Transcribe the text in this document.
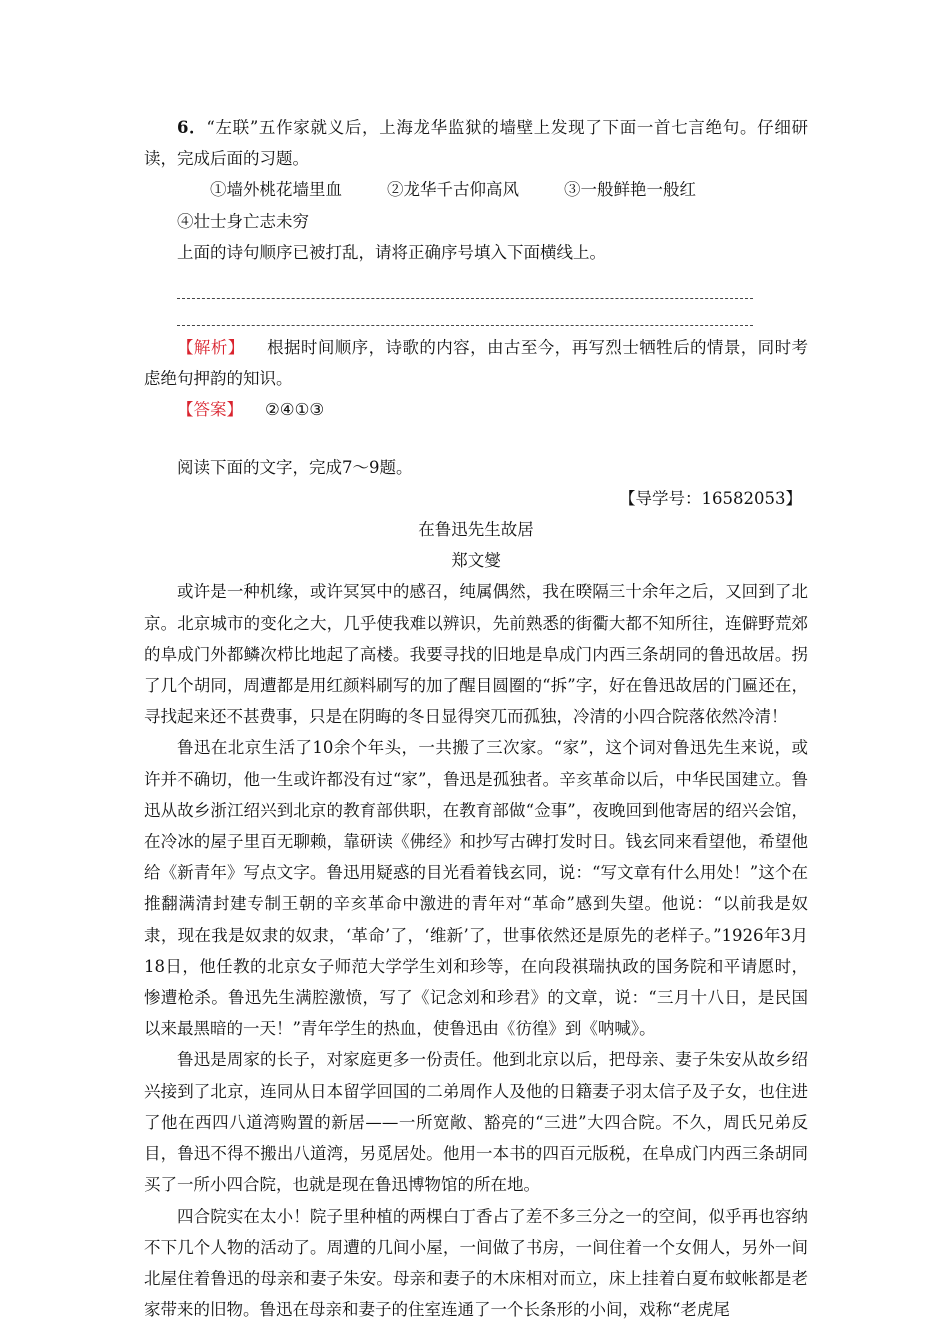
6．“左联”五作家就义后，上海龙华监狱的墙壁上发现了下面一首七言绝句。仔细研读，完成后面的习题。

①墙外桃花墙里血	②龙华千古仰高风	③一般鲜艳一般红④壮士身亡志未穷

上面的诗句顺序已被打乱，请将正确序号填入下面横线上。

【解析】 根据时间顺序，诗歌的内容，由古至今，再写烈士牺牲后的情景，同时考虑绝句押韵的知识。

【答案】 ②④①③

阅读下面的文字，完成7～9题。

【导学号：16582053】

在鲁迅先生故居

郑文燮

或许是一种机缘，或许冥冥中的感召，纯属偶然，我在暌隔三十余年之后，又回到了北京。北京城市的变化之大，几乎使我难以辨识，先前熟悉的街衢大都不知所往，连僻野荒郊的阜成门外都鳞次栉比地起了高楼。我要寻找的旧地是阜成门内西三条胡同的鲁迅故居。拐了几个胡同，周遭都是用红颜料刷写的加了醒目圆圈的“拆”字，好在鲁迅故居的门匾还在，寻找起来还不甚费事，只是在阴晦的冬日显得突兀而孤独，冷清的小四合院落依然冷清！

鲁迅在北京生活了10余个年头，一共搬了三次家。“家”，这个词对鲁迅先生来说，或许并不确切，他一生或许都没有过“家”，鲁迅是孤独者。辛亥革命以后，中华民国建立。鲁迅从故乡浙江绍兴到北京的教育部供职，在教育部做“佥事”，夜晚回到他寄居的绍兴会馆，在冷冰的屋子里百无聊赖，靠研读《佛经》和抄写古碑打发时日。钱玄同来看望他，希望他给《新青年》写点文字。鲁迅用疑惑的目光看着钱玄同，说：“写文章有什么用处！”这个在推翻满清封建专制王朝的辛亥革命中激进的青年对“革命”感到失望。他说：“以前我是奴隶，现在我是奴隶的奴隶，‘革命’了，‘维新’了，世事依然还是原先的老样子。”1926年3月18日，他任教的北京女子师范大学学生刘和珍等，在向段祺瑞执政的国务院和平请愿时，惨遭枪杀。鲁迅先生满腔激愤，写了《记念刘和珍君》的文章，说：“三月十八日，是民国以来最黑暗的一天！”青年学生的热血，使鲁迅由《彷徨》到《呐喊》。

鲁迅是周家的长子，对家庭更多一份责任。他到北京以后，把母亲、妻子朱安从故乡绍兴接到了北京，连同从日本留学回国的二弟周作人及他的日籍妻子羽太信子及子女，也住进了他在西四八道湾购置的新居——一所宽敞、豁亮的“三进”大四合院。不久，周氏兄弟反目，鲁迅不得不搬出八道湾，另觅居处。他用一本书的四百元版税，在阜成门内西三条胡同买了一所小四合院，也就是现在鲁迅博物馆的所在地。

四合院实在太小！院子里种植的两棵白丁香占了差不多三分之一的空间，似乎再也容纳不下几个人物的活动了。周遭的几间小屋，一间做了书房，一间住着一个女佣人，另外一间北屋住着鲁迅的母亲和妻子朱安。母亲和妻子的木床相对而立，床上挂着白夏布蚊帐都是老家带来的旧物。鲁迅在母亲和妻子的住室连通了一个长条形的小间，戏称“老虎尾
